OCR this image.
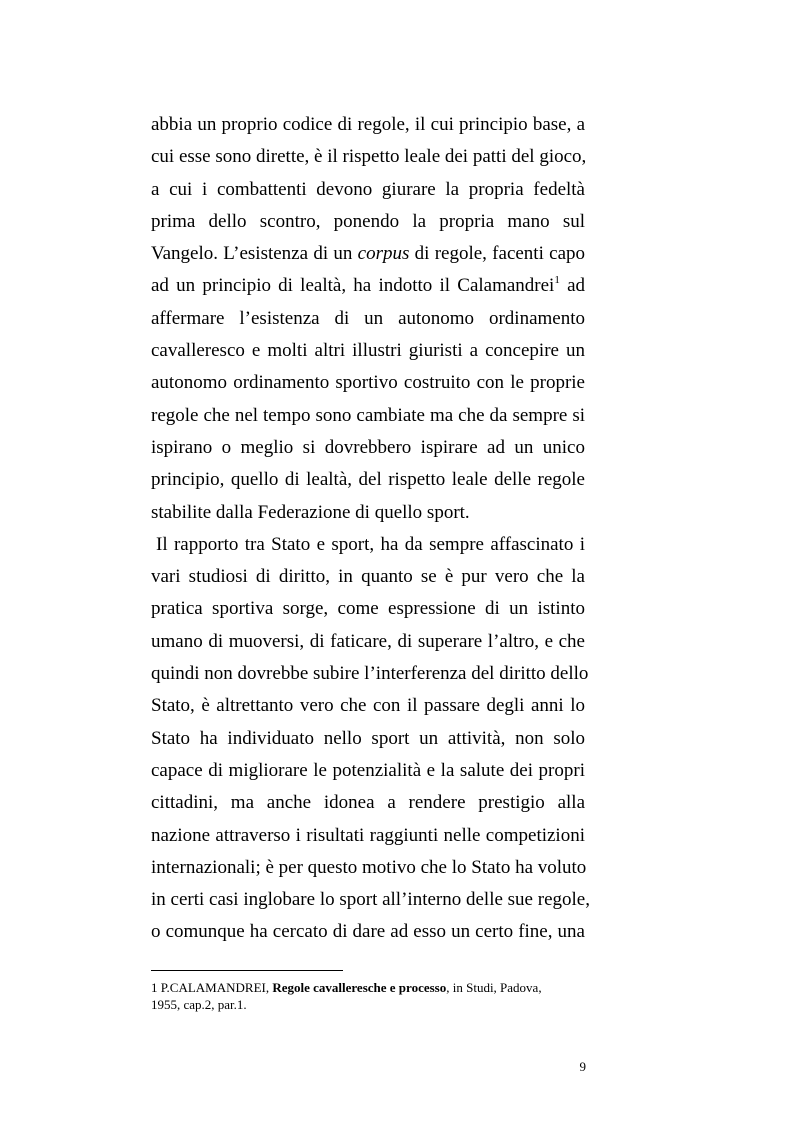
abbia un proprio codice di regole, il cui principio base, a
cui esse sono dirette, è il rispetto leale dei patti del gioco,
a cui i combattenti devono giurare la propria fedeltà
prima dello scontro, ponendo la propria mano sul
Vangelo. L’esistenza di un corpus di regole, facenti capo
ad un principio di lealtà, ha indotto il Calamandrei$^1$ ad
affermare l’esistenza di un autonomo ordinamento
cavalleresco e molti altri illustri giuristi a concepire un
autonomo ordinamento sportivo costruito con le proprie
regole che nel tempo sono cambiate ma che da sempre si
ispirano o meglio si dovrebbero ispirare ad un unico
principio, quello di lealtà, del rispetto leale delle regole
stabilite dalla Federazione di quello sport.
Il rapporto tra Stato e sport, ha da sempre affascinato i
vari studiosi di diritto, in quanto se è pur vero che la
pratica sportiva sorge, come espressione di un istinto
umano di muoversi, di faticare, di superare l’altro, e che
quindi non dovrebbe subire l’interferenza del diritto dello
Stato, è altrettanto vero che con il passare degli anni lo
Stato ha individuato nello sport un attività, non solo
capace di migliorare le potenzialità e la salute dei propri
cittadini, ma anche idonea a rendere prestigio alla
nazione attraverso i risultati raggiunti nelle competizioni
internazionali; è per questo motivo che lo Stato ha voluto
in certi casi inglobare lo sport all’interno delle sue regole,
o comunque ha cercato di dare ad esso un certo fine, una
1 P.CALAMANDREI, Regole cavalleresche e processo, in Studi, Padova,
1955, cap.2, par.1.
9
